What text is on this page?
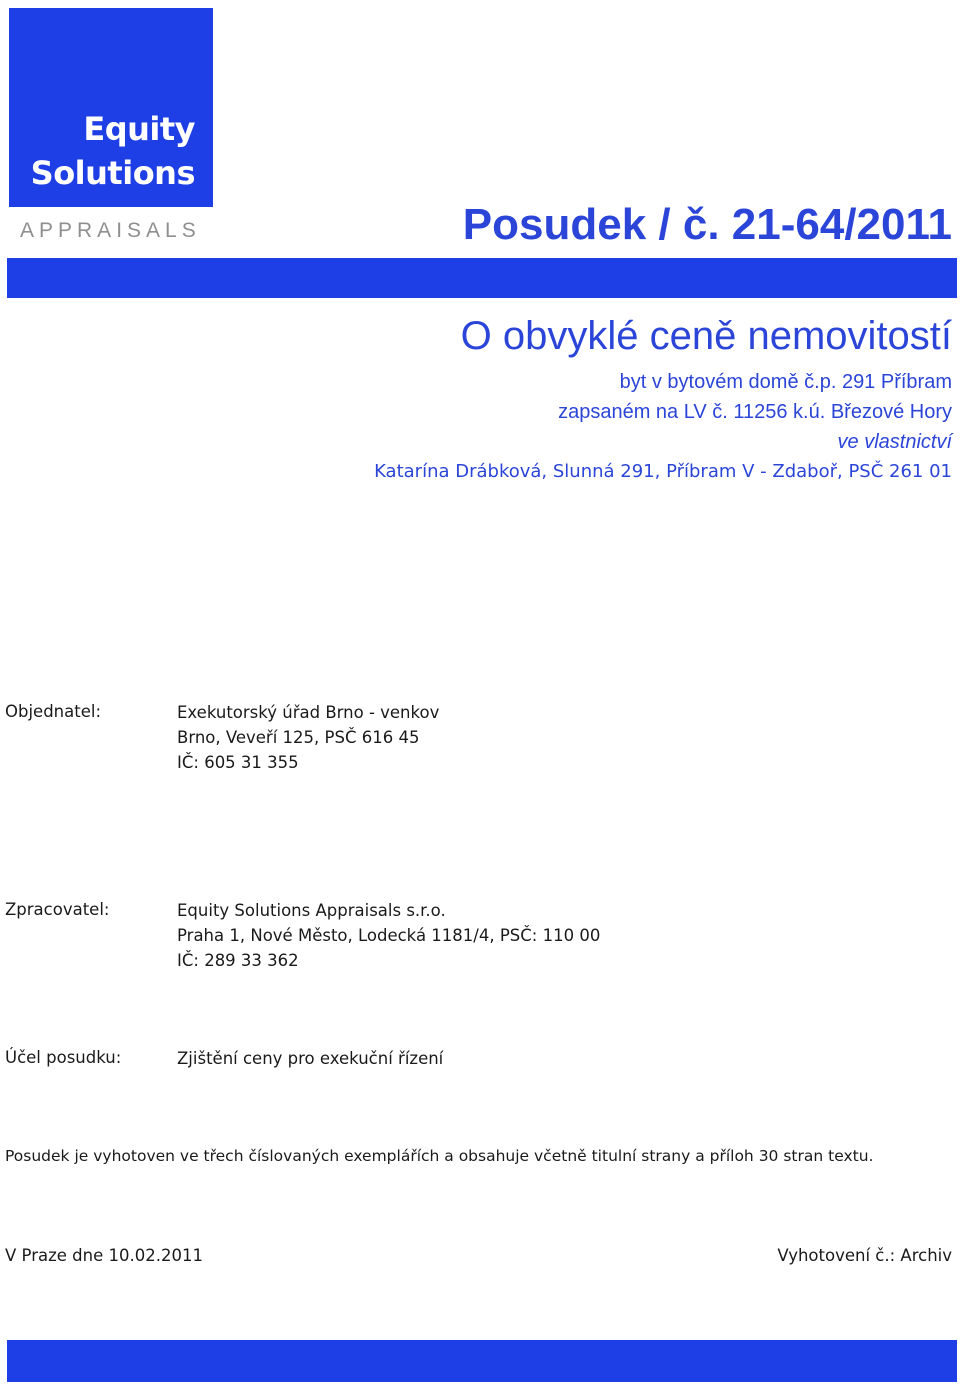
Equity
Solutions
APPRAISALS	Posudek / č. 21-64/2011
O obvyklé ceně nemovitostí
byt v bytovém domě č.p. 291 Příbram
zapsaném na LV č. 11256 k.ú. Březové Hory
ve vlastnictví
Katarína Drábková, Slunná 291, Příbram V - Zdaboř, PSČ 261 01
Objednatel:	Exekutorský úřad Brno - venkov
Brno, Veveří 125, PSČ 616 45
IČ: 605 31 355
Zpracovatel:	Equity Solutions Appraisals s.r.o.
Praha 1, Nové Město, Lodecká 1181/4, PSČ: 110 00
IČ: 289 33 362
Účel posudku:	Zjištění ceny pro exekuční řízení
Posudek je vyhotoven ve třech číslovaných exemplářích a obsahuje včetně titulní strany a příloh 30 stran textu.
V Praze dne 10.02.2011	Vyhotovení č.: Archiv
